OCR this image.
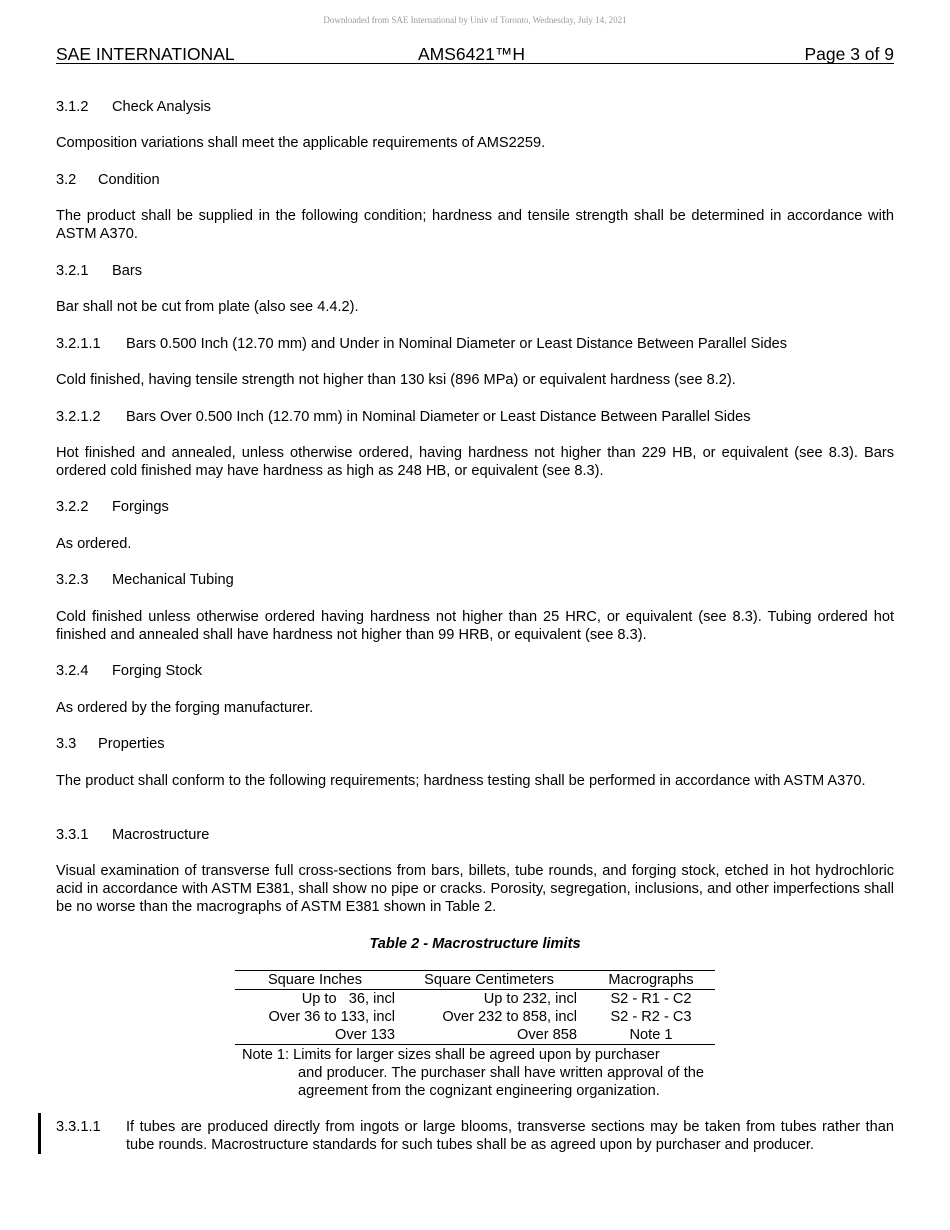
Downloaded from SAE International by Univ of Toronto, Wednesday, July 14, 2021
SAE INTERNATIONAL	AMS6421™H	Page 3 of 9
3.1.2 Check Analysis
Composition variations shall meet the applicable requirements of AMS2259.
3.2 Condition
The product shall be supplied in the following condition; hardness and tensile strength shall be determined in accordance with ASTM A370.
3.2.1 Bars
Bar shall not be cut from plate (also see 4.4.2).
3.2.1.1 Bars 0.500 Inch (12.70 mm) and Under in Nominal Diameter or Least Distance Between Parallel Sides
Cold finished, having tensile strength not higher than 130 ksi (896 MPa) or equivalent hardness (see 8.2).
3.2.1.2 Bars Over 0.500 Inch (12.70 mm) in Nominal Diameter or Least Distance Between Parallel Sides
Hot finished and annealed, unless otherwise ordered, having hardness not higher than 229 HB, or equivalent (see 8.3). Bars ordered cold finished may have hardness as high as 248 HB, or equivalent (see 8.3).
3.2.2 Forgings
As ordered.
3.2.3 Mechanical Tubing
Cold finished unless otherwise ordered having hardness not higher than 25 HRC, or equivalent (see 8.3). Tubing ordered hot finished and annealed shall have hardness not higher than 99 HRB, or equivalent (see 8.3).
3.2.4 Forging Stock
As ordered by the forging manufacturer.
3.3 Properties
The product shall conform to the following requirements; hardness testing shall be performed in accordance with ASTM A370.
3.3.1 Macrostructure
Visual examination of transverse full cross-sections from bars, billets, tube rounds, and forging stock, etched in hot hydrochloric acid in accordance with ASTM E381, shall show no pipe or cracks. Porosity, segregation, inclusions, and other imperfections shall be no worse than the macrographs of ASTM E381 shown in Table 2.
Table 2 - Macrostructure limits
Square Inches	Square Centimeters	Macrographs
Up to   36, incl	Up to 232, incl	S2 - R1 - C2
Over 36 to 133, incl	Over 232 to 858, incl	S2 - R2 - C3
Over 133	Over 858	Note 1
Note 1: Limits for larger sizes shall be agreed upon by purchaser
and producer. The purchaser shall have written approval of the agreement from the cognizant engineering organization.
3.3.1.1 If tubes are produced directly from ingots or large blooms, transverse sections may be taken from tubes rather than tube rounds. Macrostructure standards for such tubes shall be as agreed upon by purchaser and producer.
